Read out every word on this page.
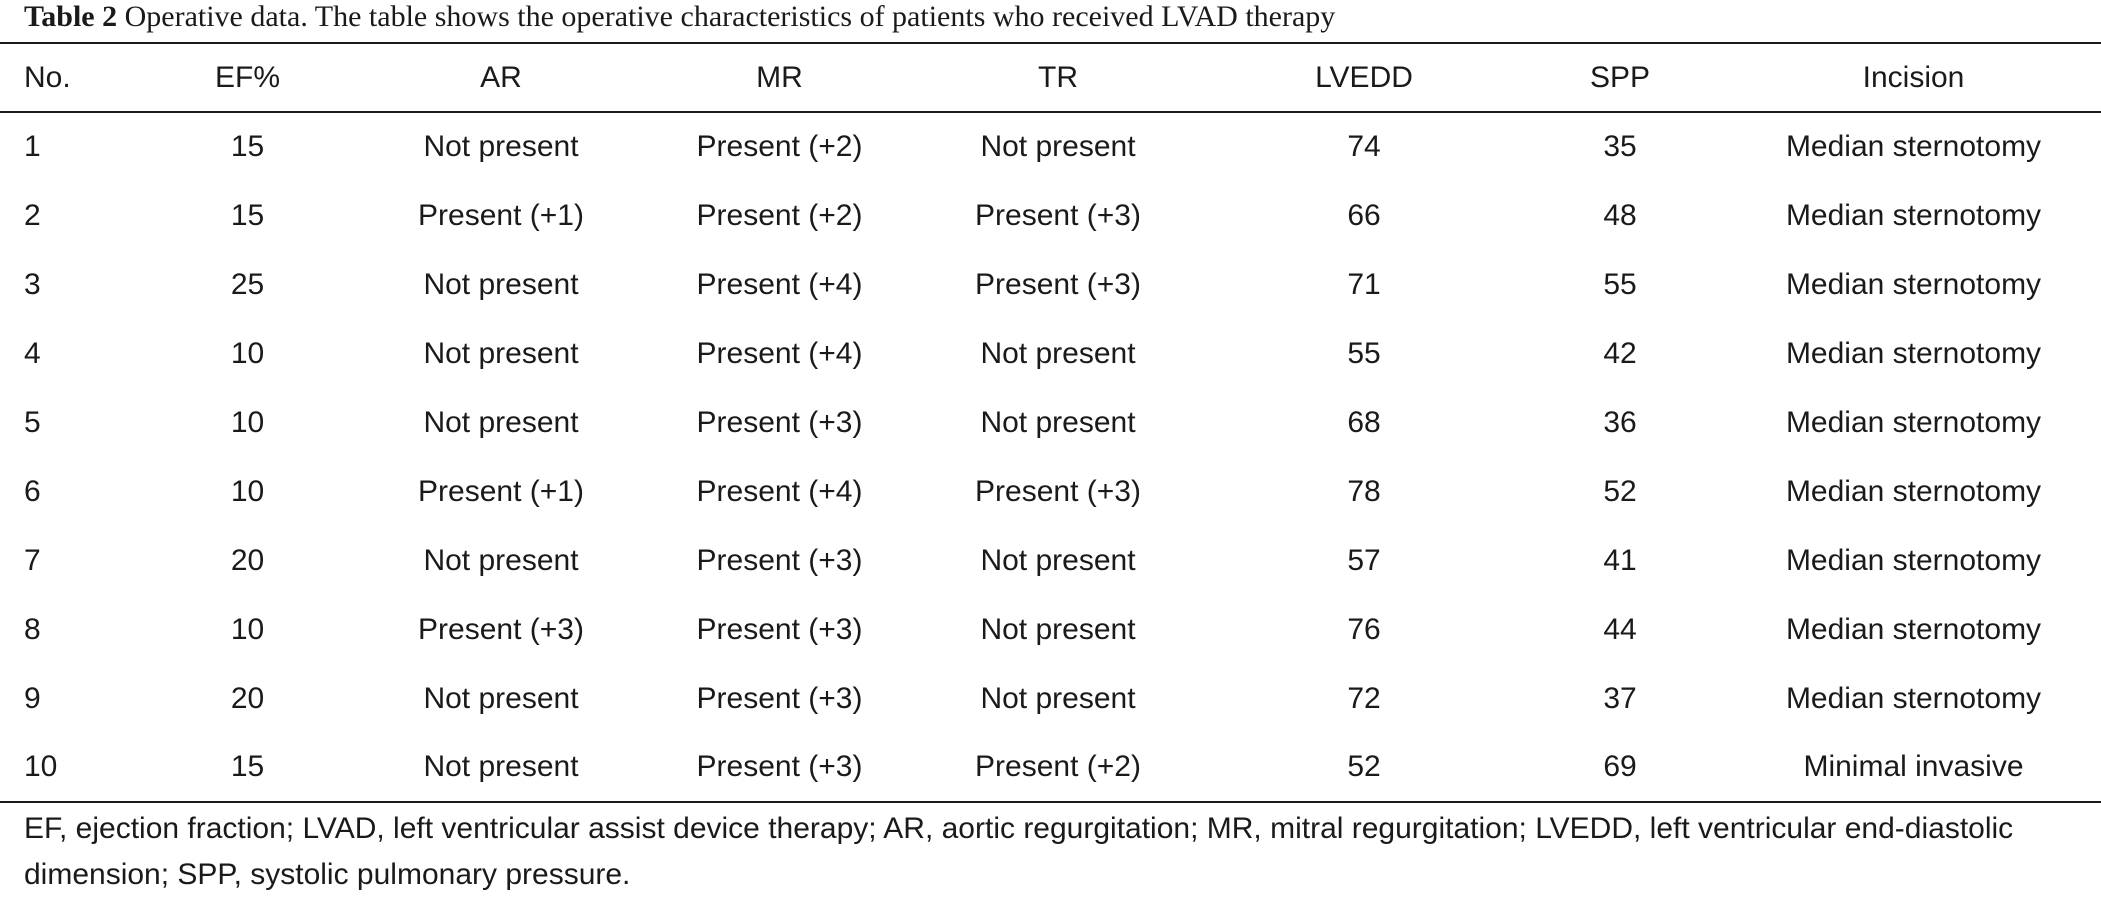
Table 2 Operative data. The table shows the operative characteristics of patients who received LVAD therapy
No.	EF%	AR	MR	TR	LVEDD	SPP	Incision
1	15	Not present	Present (+2)	Not present	74	35	Median sternotomy
2	15	Present (+1)	Present (+2)	Present (+3)	66	48	Median sternotomy
3	25	Not present	Present (+4)	Present (+3)	71	55	Median sternotomy
4	10	Not present	Present (+4)	Not present	55	42	Median sternotomy
5	10	Not present	Present (+3)	Not present	68	36	Median sternotomy
6	10	Present (+1)	Present (+4)	Present (+3)	78	52	Median sternotomy
7	20	Not present	Present (+3)	Not present	57	41	Median sternotomy
8	10	Present (+3)	Present (+3)	Not present	76	44	Median sternotomy
9	20	Not present	Present (+3)	Not present	72	37	Median sternotomy
10	15	Not present	Present (+3)	Present (+2)	52	69	Minimal invasive
EF, ejection fraction; LVAD, left ventricular assist device therapy; AR, aortic regurgitation; MR, mitral regurgitation; LVEDD, left ventricular end-diastolic dimension; SPP, systolic pulmonary pressure.
